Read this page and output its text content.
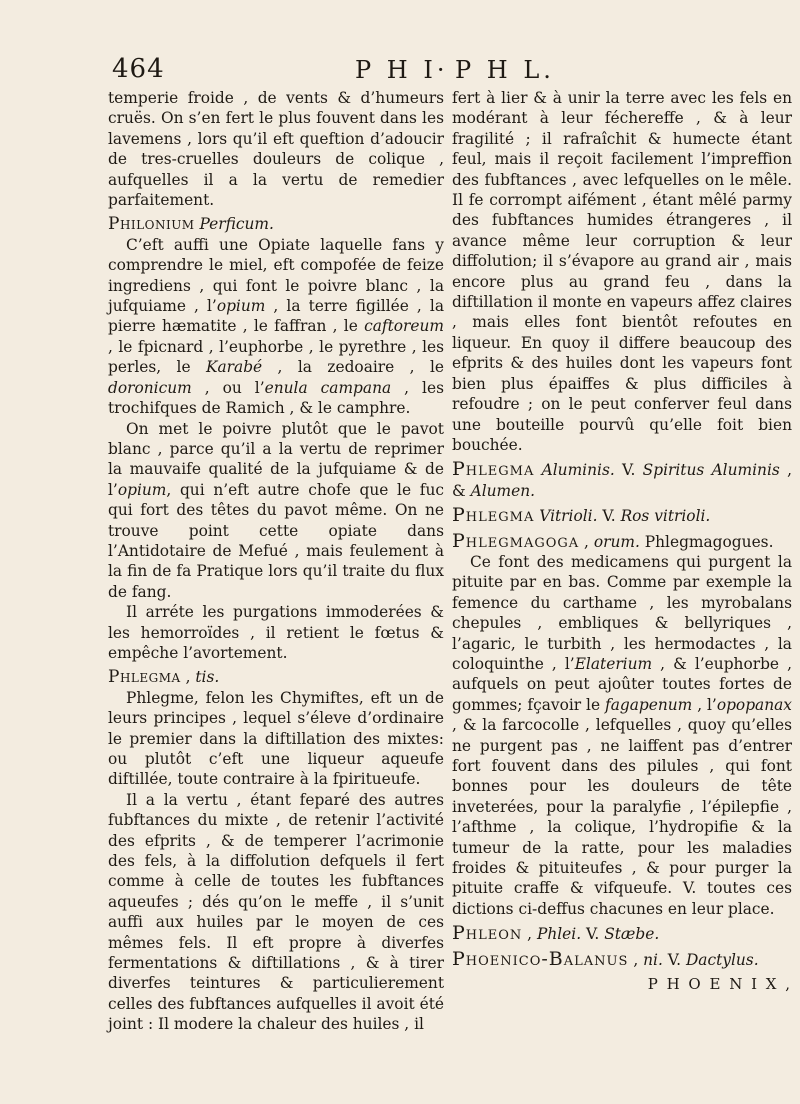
464	P H I· P H L.

temperie froide , de vents & d’humeurs cruës. On s’en fert le plus fouvent dans les lavemens , lors qu’il eft queftion d’adoucir de tres-cruelles douleurs de colique , aufquelles il a la vertu de remedier parfaitement.

Philonium Perficum.

C’eft auffi une Opiate laquelle fans y comprendre le miel, eft compofée de feize ingrediens , qui font le poivre blanc , la jufquiame , l’opium , la terre figillée , la pierre hæmatite , le faffran , le caftoreum , le fpicnard , l’euphorbe , le pyrethre , les perles, le Karabé , la zedoaire , le doronicum , ou l’enula campana , les trochifques de Ramich , & le camphre.

On met le poivre plutôt que le pavot blanc , parce qu’il a la vertu de reprimer la mauvaife qualité de la jufquiame & de l’opium, qui n’eft autre chofe que le fuc qui fort des têtes du pavot même. On ne trouve point cette opiate dans l’Antidotaire de Mefué , mais feulement à la fin de fa Pratique lors qu’il traite du flux de fang.

Il arréte les purgations immoderées & les hemorroïdes , il retient le fœtus & empêche l’avortement.

Phlegma , tis.

Phlegme, felon les Chymiftes, eft un de leurs principes , lequel s’éleve d’ordinaire le premier dans la diftillation des mixtes: ou plutôt c’eft une liqueur aqueufe diftillée, toute contraire à la fpiritueufe.

Il a la vertu , étant feparé des autres fubftances du mixte , de retenir l’activité des efprits , & de temperer l’acrimonie des fels, à la diffolution defquels il fert comme à celle de toutes les fubftances aqueufes ; dés qu’on le meffe , il s’unit auffi aux huiles par le moyen de ces mêmes fels. Il eft propre à diverfes fermentations & diftillations , & à tirer diverfes teintures & particulierement celles des fubftances aufquelles il avoit été joint : Il modere la chaleur des huiles , il

fert à lier & à unir la terre avec les fels en modérant à leur féchereffe , & à leur fragilité ; il rafraîchit & humecte étant feul, mais il reçoit facilement l’impreffion des fubftances , avec lefquelles on le mêle. Il fe corrompt aifément , étant mêlé parmy des fubftances humides étrangeres , il avance même leur corruption & leur diffolution; il s’évapore au grand air , mais encore plus au grand feu , dans la diftillation il monte en vapeurs affez claires , mais elles font bientôt refoutes en liqueur. En quoy il differe beaucoup des efprits & des huiles dont les vapeurs font bien plus épaiffes & plus difficiles à refoudre ; on le peut conferver feul dans une bouteille pourvû qu’elle foit bien bouchée.

Phlegma Aluminis. V. Spiritus Aluminis , & Alumen.

Phlegma Vitrioli. V. Ros vitrioli.

Phlegmagoga , orum. Phlegmagogues.

Ce font des medicamens qui purgent la pituite par en bas. Comme par exemple la femence du carthame , les myrobalans chepules , embliques & bellyriques , l’agaric, le turbith , les hermodactes , la coloquinthe , l’Elaterium , & l’euphorbe , aufquels on peut ajoûter toutes fortes de gommes; fçavoir le fagapenum , l’opopanax , & la farcocolle , lefquelles , quoy qu’elles ne purgent pas , ne laiffent pas d’entrer fort fouvent dans des pilules , qui font bonnes pour les douleurs de tête inveterées, pour la paralyfie , l’épilepfie , l’afthme , la colique, l’hydropifie & la tumeur de la ratte, pour les maladies froides & pituiteufes , & pour purger la pituite craffe & vifqueufe. V. toutes ces dictions ci-deffus chacunes en leur place.

Phleon , Phlei. V. Stæbe.

Phoenico-Balanus , ni. V. Dactylus.

P H O E N I X ,
